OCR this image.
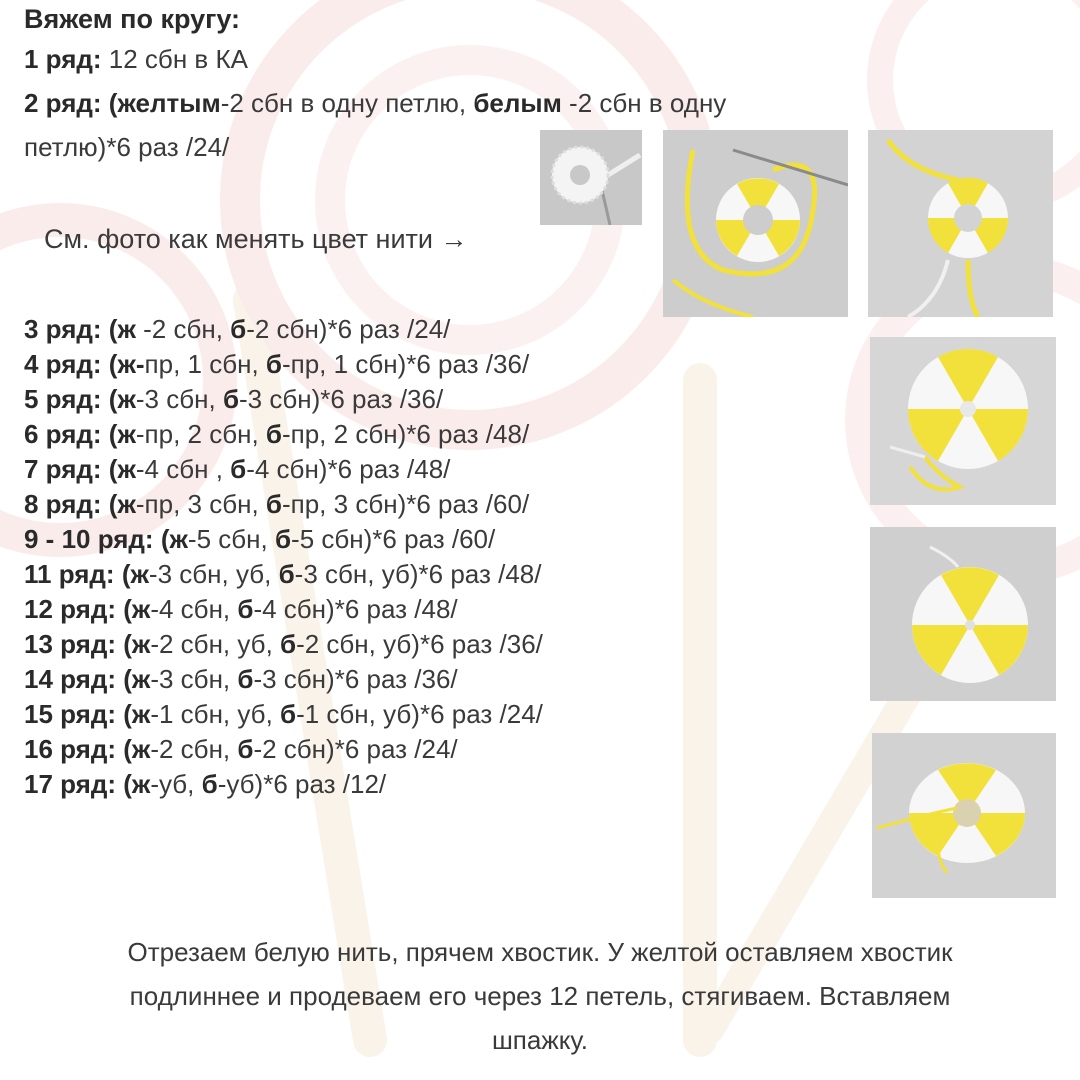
Вяжем по кругу:
1 ряд: 12 сбн в КА
2 ряд: (желтым-2 сбн в одну петлю, белым -2 сбн в одну
петлю)*6 раз /24/
См. фото как менять цвет нити →
3 ряд: (ж -2 сбн, б-2 сбн)*6 раз /24/
4 ряд: (ж-пр, 1 сбн, б-пр, 1 сбн)*6 раз /36/
5 ряд: (ж-3 сбн, б-3 сбн)*6 раз /36/
6 ряд: (ж-пр, 2 сбн, б-пр, 2 сбн)*6 раз /48/
7 ряд: (ж-4 сбн , б-4 сбн)*6 раз /48/
8 ряд: (ж-пр, 3 сбн, б-пр, 3 сбн)*6 раз /60/
9 - 10 ряд: (ж-5 сбн, б-5 сбн)*6 раз /60/
11 ряд: (ж-3 сбн, уб, б-3 сбн, уб)*6 раз /48/
12 ряд: (ж-4 сбн, б-4 сбн)*6 раз /48/
13 ряд: (ж-2 сбн, уб, б-2 сбн, уб)*6 раз /36/
14 ряд: (ж-3 сбн, б-3 сбн)*6 раз /36/
15 ряд: (ж-1 сбн, уб, б-1 сбн, уб)*6 раз /24/
16 ряд: (ж-2 сбн, б-2 сбн)*6 раз /24/
17 ряд: (ж-уб, б-уб)*6 раз /12/
Отрезаем белую нить, прячем хвостик. У желтой оставляем хвостик
подлиннее и продеваем его через 12 петель, стягиваем. Вставляем
шпажку.
